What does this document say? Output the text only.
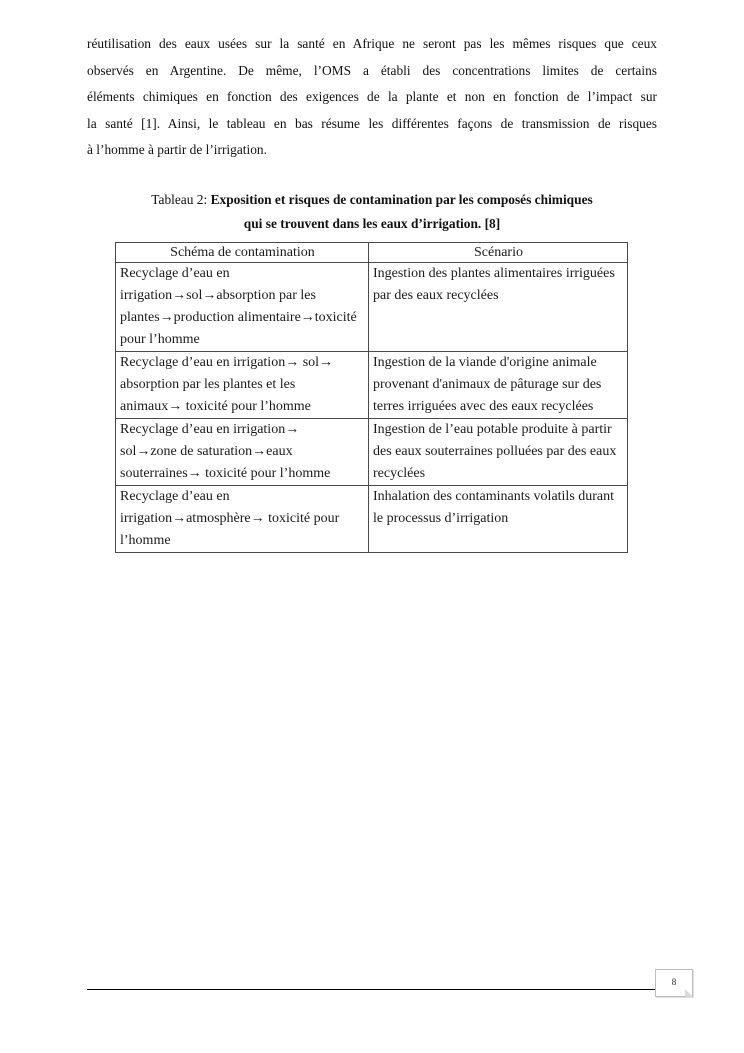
réutilisation des eaux usées sur la santé en Afrique ne seront pas les mêmes risques que ceux
observés en Argentine. De même, l’OMS a établi des concentrations limites de certains
éléments chimiques en fonction des exigences de la plante et non en fonction de l’impact sur
la santé [1]. Ainsi, le tableau en bas résume les différentes façons de transmission de risques
à l’homme à partir de l’irrigation.

Tableau 2: Exposition et risques de contamination par les composés chimiques
qui se trouvent dans les eaux d’irrigation. [8]
Schéma de contamination	Scénario

Recyclage d’eau en
irrigation→sol→absorption par les
plantes→production alimentaire→toxicité
pour l’homme	Ingestion des plantes alimentaires irriguées
par des eaux recyclées

Recyclage d’eau en irrigation→ sol→
absorption par les plantes et les
animaux→ toxicité pour l’homme	Ingestion de la viande d'origine animale
provenant d'animaux de pâturage sur des
terres irriguées avec des eaux recyclées

Recyclage d’eau en irrigation→
sol→zone de saturation→eaux
souterraines→ toxicité pour l’homme	Ingestion de l’eau potable produite à partir
des eaux souterraines polluées par des eaux
recyclées

Recyclage d’eau en
irrigation→atmosphère→ toxicité pour
l’homme	Inhalation des contaminants volatils durant
le processus d’irrigation
8
